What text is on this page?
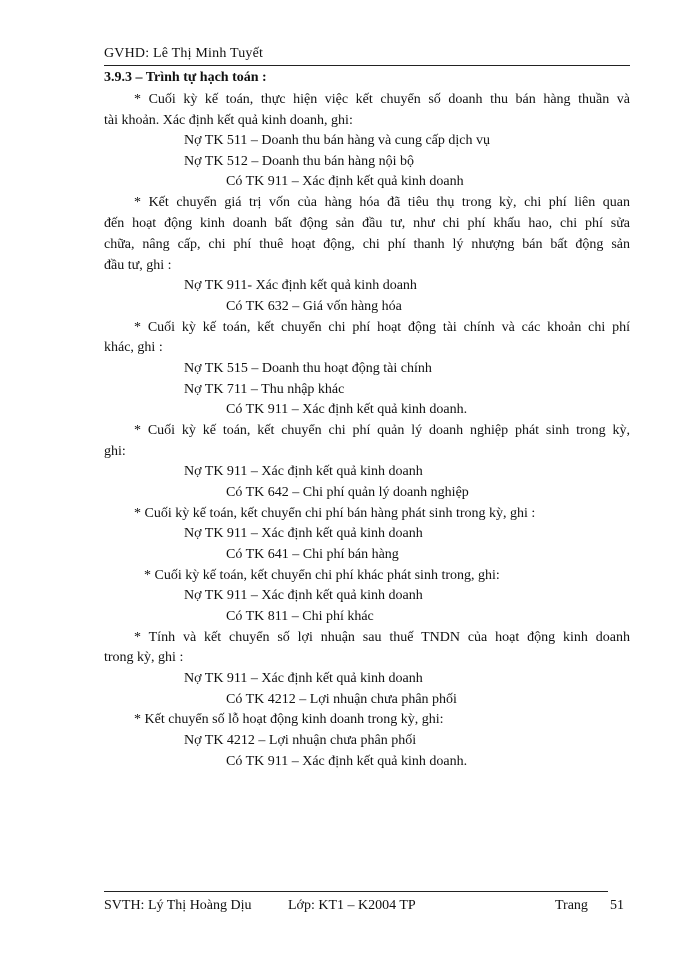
GVHD: Lê Thị Minh Tuyết
3.9.3 – Trình tự hạch toán :
* Cuối kỳ kế toán, thực hiện việc kết chuyển số doanh thu bán hàng thuần và
tài khoản. Xác định kết quả kinh doanh, ghi:
Nợ TK 511 – Doanh thu bán hàng và cung cấp dịch vụ
Nợ TK 512 – Doanh thu bán hàng nội bộ
Có TK 911 – Xác định kết quả kinh doanh
* Kết chuyển giá trị vốn của hàng hóa đã tiêu thụ trong kỳ, chi phí liên quan
đến hoạt động kinh doanh bất động sản đầu tư, như chi phí khấu hao, chi phí sửa
chữa, nâng cấp, chi phí thuê hoạt động, chi phí thanh lý nhượng bán bất động sản
đầu tư, ghi :
Nợ TK 911- Xác định kết quả kinh doanh
Có TK 632 – Giá vốn hàng hóa
* Cuối kỳ kế toán, kết chuyển chi phí hoạt động tài chính và các khoản chi phí
khác, ghi :
Nợ TK 515 – Doanh thu hoạt động tài chính
Nợ TK 711 – Thu nhập khác
Có TK 911 – Xác định kết quả kinh doanh.
* Cuối kỳ kế toán, kết chuyển chi phí quản lý doanh nghiệp phát sinh trong kỳ,
ghi:
Nợ TK 911 – Xác định kết quả kinh doanh
Có TK 642 – Chi phí quản lý doanh nghiệp
* Cuối kỳ kế toán, kết chuyển chi phí bán hàng phát sinh trong kỳ, ghi :
Nợ TK 911 – Xác định kết quả kinh doanh
Có TK 641 – Chi phí bán hàng
* Cuối kỳ kế toán, kết chuyển chi phí khác phát sinh trong, ghi:
Nợ TK 911 – Xác định kết quả kinh doanh
Có TK 811 – Chi phí khác
* Tính và kết chuyển số lợi nhuận sau thuế TNDN của hoạt động kinh doanh
trong kỳ, ghi :
Nợ TK 911 – Xác định kết quả kinh doanh
Có TK 4212 – Lợi nhuận chưa phân phối
* Kết chuyển số lỗ hoạt động kinh doanh trong kỳ, ghi:
Nợ TK 4212 – Lợi nhuận chưa phân phối
Có TK 911 – Xác định kết quả kinh doanh.
SVTH: Lý Thị Hoàng Dịu	Lớp: KT1 – K2004 TP	Trang 51
